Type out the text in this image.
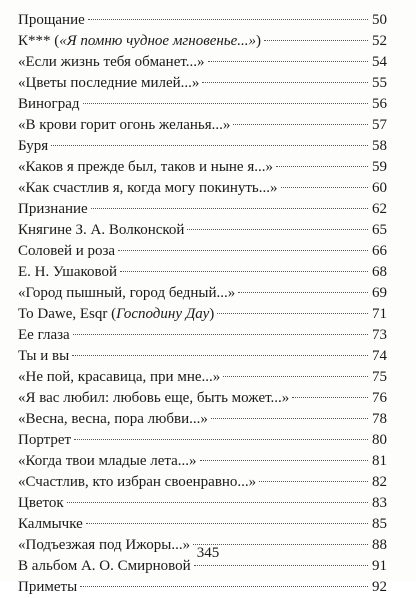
Прощание	50
К*** («Я помню чудное мгновенье...»)	52
«Если жизнь тебя обманет...»	54
«Цветы последние милей...»	55
Виноград	56
«В крови горит огонь желанья...»	57
Буря	58
«Каков я прежде был, таков и ныне я...»	59
«Как счастлив я, когда могу покинуть...»	60
Признание	62
Княгине З. А. Волконской	65
Соловей и роза	66
Е. Н. Ушаковой	68
«Город пышный, город бедный...»	69
To Dawe, Esqr (Господину Дау)	71
Ее глаза	73
Ты и вы	74
«Не пой, красавица, при мне...»	75
«Я вас любил: любовь еще, быть может...»	76
«Весна, весна, пора любви...»	78
Портрет	80
«Когда твои младые лета...»	81
«Счастлив, кто избран своенравно...»	82
Цветок	83
Калмычке	85
«Подъезжая под Ижоры...»	88
В альбом А. О. Смирновой	91
Приметы	92
345
